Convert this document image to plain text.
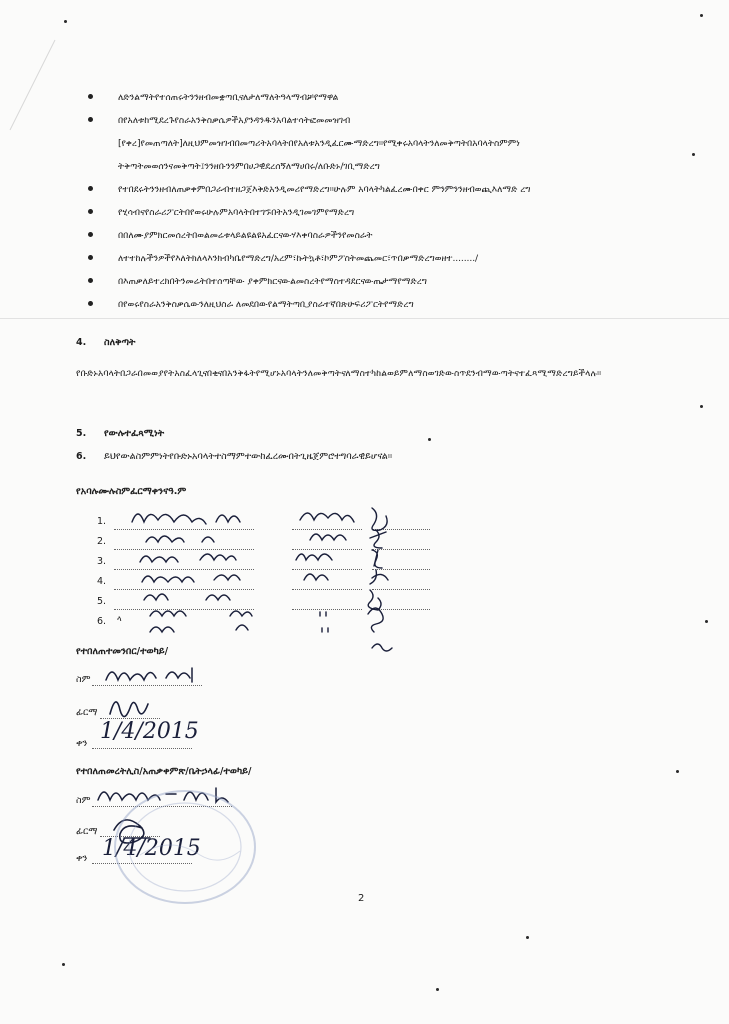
ለድንልማትየተሰጠሩትንንዘብመቋጣቢናለታለማለትዓላማብቻየማዋል
በየአለቱከሚደረጉየስራአንቅስቃሴዎችአያንዳንዱንአባልተሳትፎመመዝገብ [የቀረ]የመጠጣለት]ለዚህምመዝገብበመጣሪትአባላትበየአለቱአንዲፈርሙማድረግ።የሚቀሩአባላትንለመቅጣትበአባላትስምምነ ትቅጣትመወሰንናመቅጣት፤ንንዘቡንንምበሀጋዊደረሰኝለማሀበሩ/ለቡድኑ/ገቢማድረግ
የተበደሩትንንዘብለጠቃቀምበጋራብተዘጋጀእቅድአንዲመሪየማድረግ።ሁሉም አባላትካልፈረሙበቀር ምንምንንዘብወጪእለማድ ረግ
የሂሳብናየስራሪፖርትበየወሩሁሉምአባላትበተገኙበትአንዲገመገምየማድረግ
በበለሙያምክርመሰረትበወልመሬቱላይልዩልዩአፈርናውሃእቀባስራዎችንየመስራት
ለተተከሉችንዎችየእለትክለላእንክብካቤየማድረግ/አረም፣ኩትኳቶ፣ኮምፖስትመጨመር፣ጥበቃማድረግወዘተ......../
በእጠቃለይተረክበትንመሬትበተሰጣቸው ያቀምክርናውልመስረትየማስተዳደርናውጤታማየማድረግ
በየወሩየስራአንቅስቃሴውንለዚህስራ ለመደበውየልማትጣቢያስራተኛበጽሁፍሪፖርትየማድረግ
4. ስለቅጣት
የቡድኑአባላትበጋራበመወያየትአስፈላጊናበቂናበአንቅፋትየሚሆኑአባላትንለመቅጣትናለማስተካከልወይምለማስወገድውስጥደንብማውጣትናተፈጻሚማድረግይችላሉ።
5. የውሉተፈጻሚነት
6. ይህየውልስምምነትየቡድኑአባላትተስማምተውከፈረሙበትጊዜጀምሮተግባራዊይሆናል።
የአባሉሙሉስምፈርማቀንናዓ.ም
1.
2.
3.
4.
5.
6. ላ
የተበለጠተመንበር/ተወካይ/
ስም
ፊርማ
ቀን 1/4/2015
የተበለጠመረትሊስ/አጠቃቀምጽ/ቤትኃላፊ/ተወካይ/
ስም
ፊርማ
ቀን 1/4/2015
2
